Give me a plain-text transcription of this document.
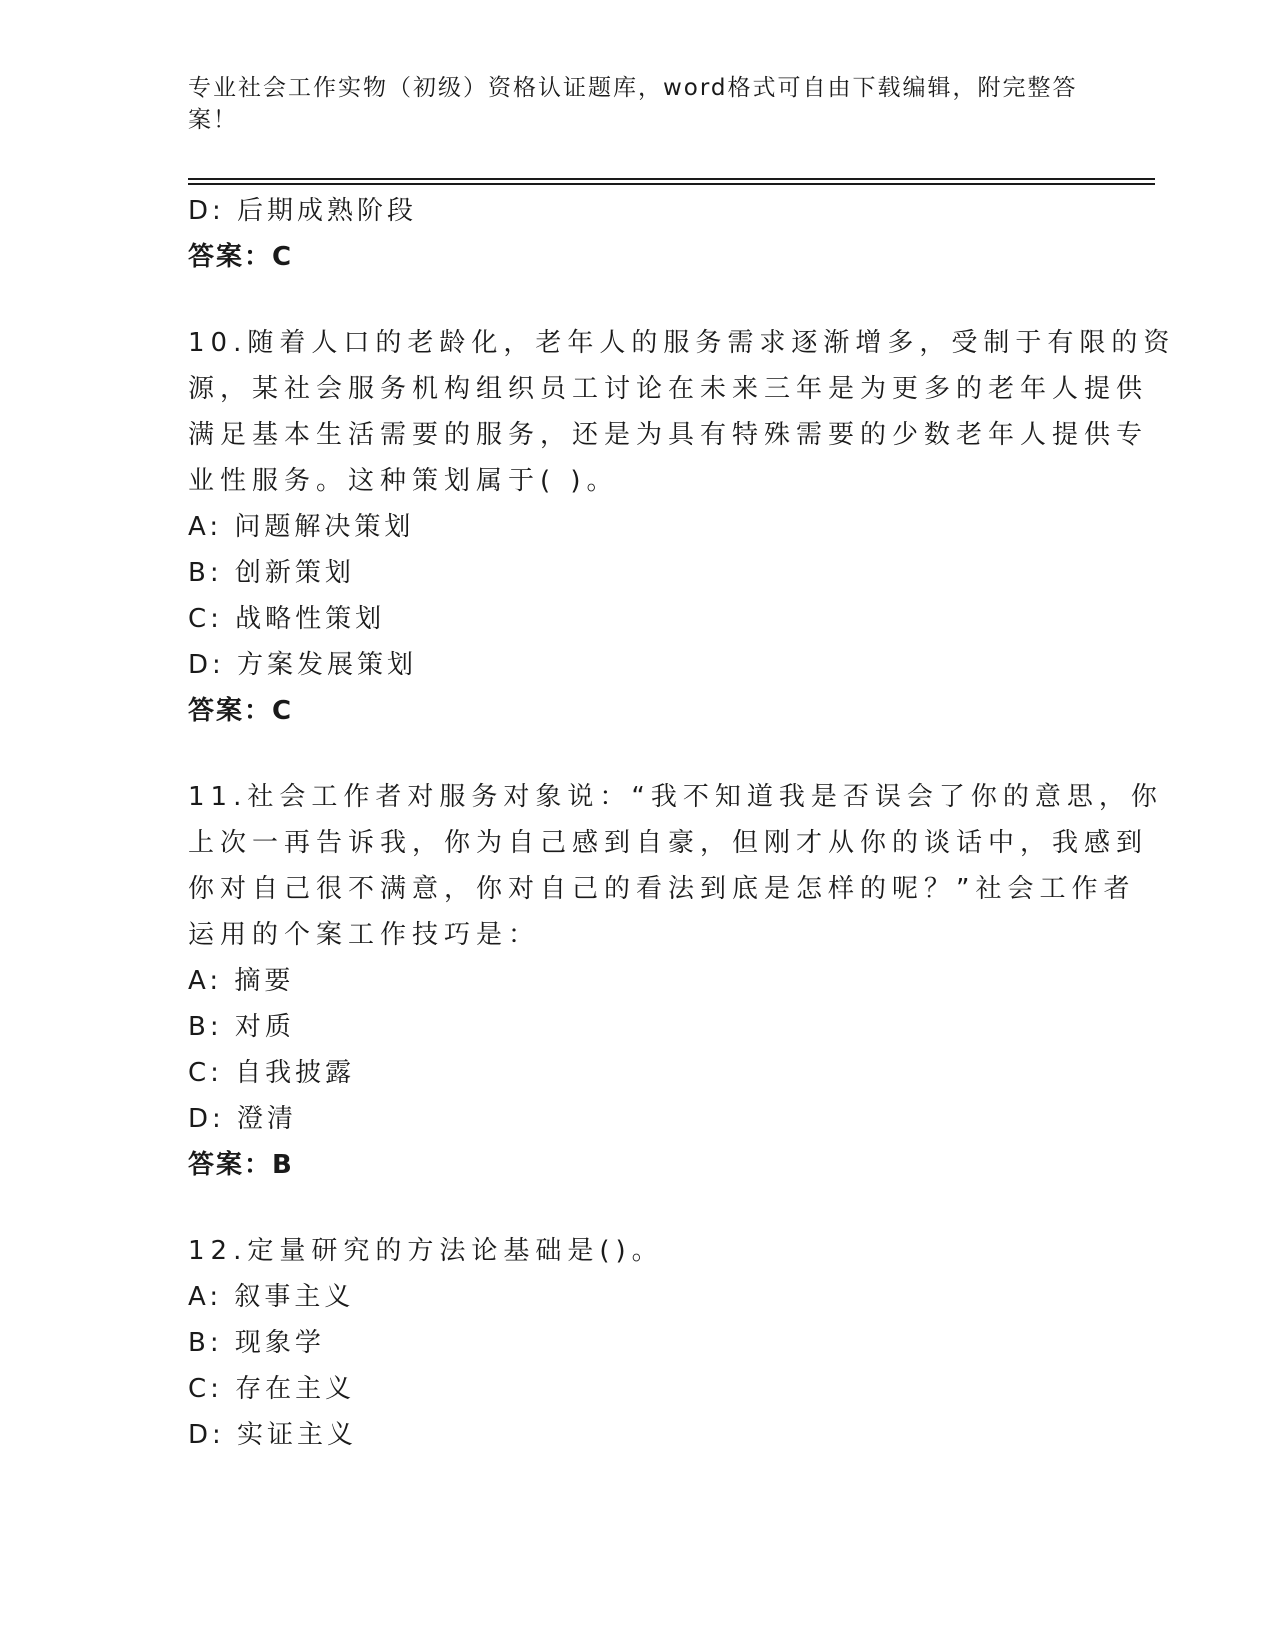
专业社会工作实物（初级）资格认证题库，word格式可自由下载编辑，附完整答
案！
D: 后期成熟阶段
答案：C
10.随着人口的老龄化，老年人的服务需求逐渐增多，受制于有限的资
源，某社会服务机构组织员工讨论在未来三年是为更多的老年人提供
满足基本生活需要的服务，还是为具有特殊需要的少数老年人提供专
业性服务。这种策划属于( )。
A: 问题解决策划
B: 创新策划
C: 战略性策划
D: 方案发展策划
答案：C
11.社会工作者对服务对象说：“我不知道我是否误会了你的意思，你
上次一再告诉我，你为自己感到自豪，但刚才从你的谈话中，我感到
你对自己很不满意，你对自己的看法到底是怎样的呢？”社会工作者
运用的个案工作技巧是：
A: 摘要
B: 对质
C: 自我披露
D: 澄清
答案：B
12.定量研究的方法论基础是()。
A: 叙事主义
B: 现象学
C: 存在主义
D: 实证主义
